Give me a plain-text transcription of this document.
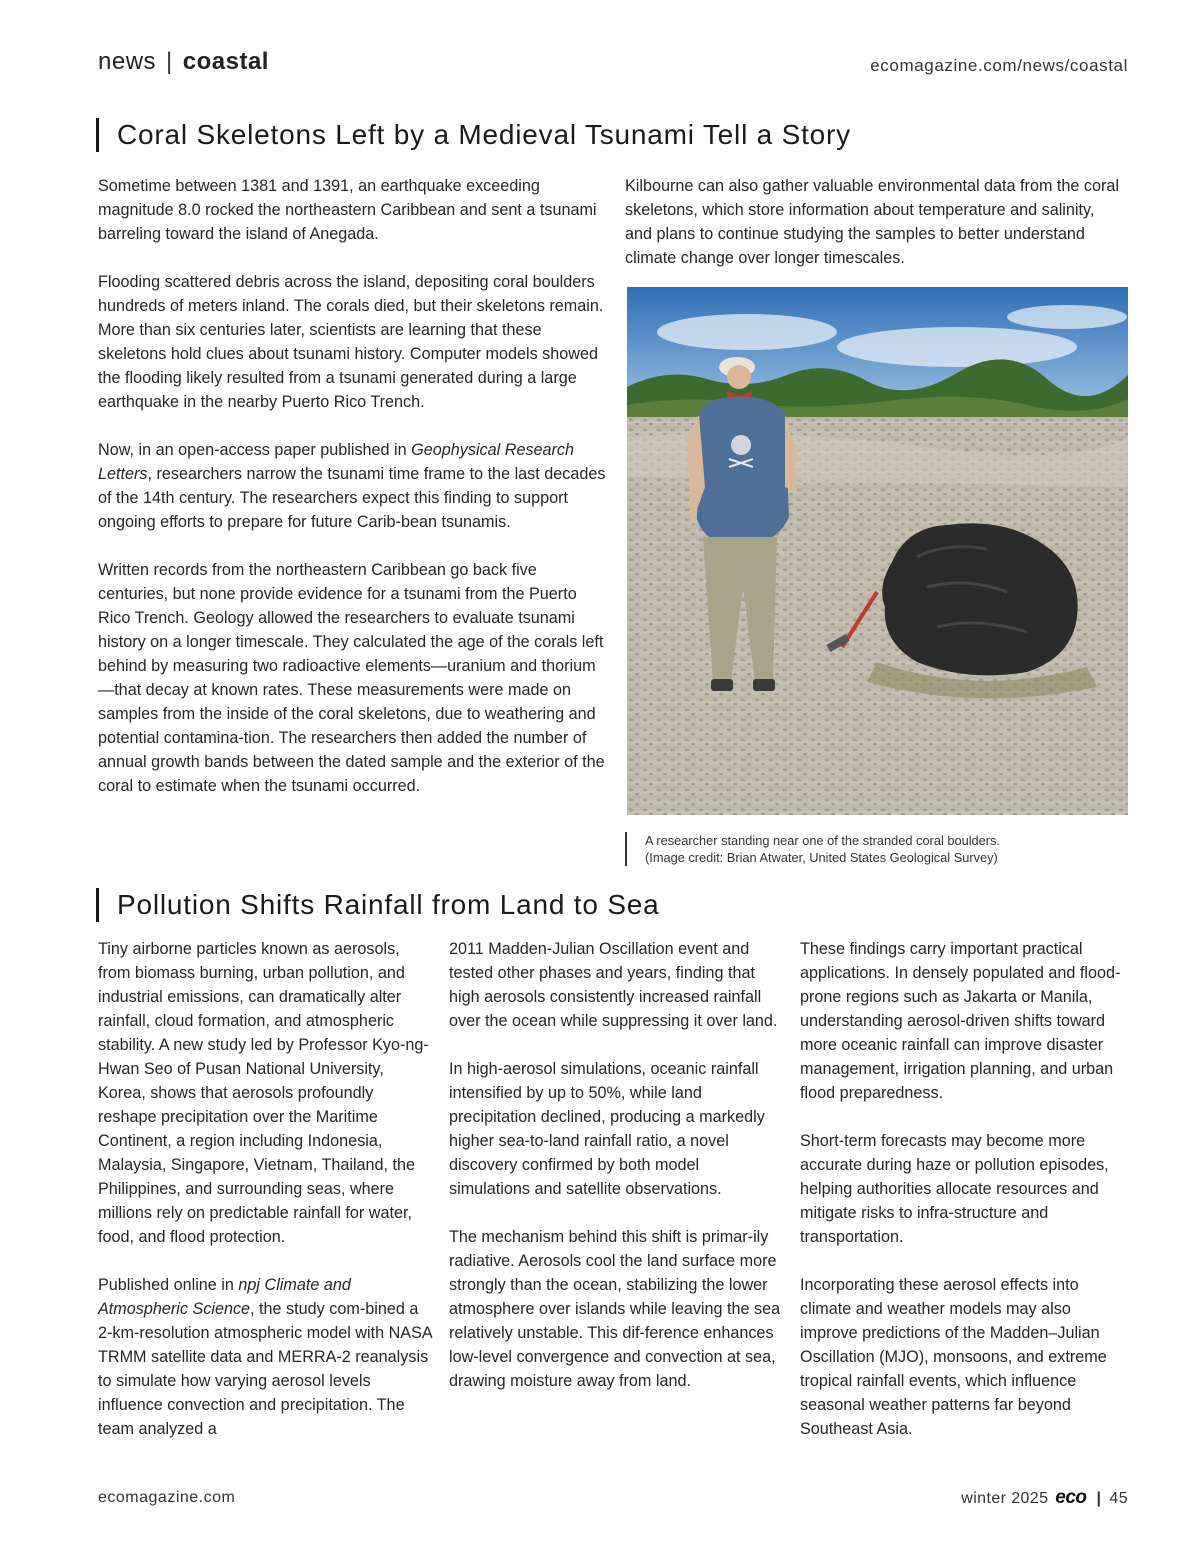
news | coastal	ecomagazine.com/news/coastal
Coral Skeletons Left by a Medieval Tsunami Tell a Story

Sometime between 1381 and 1391, an earthquake exceeding magnitude 8.0 rocked the northeastern Caribbean and sent a tsunami barreling toward the island of Anegada.

Flooding scattered debris across the island, depositing coral boulders hundreds of meters inland. The corals died, but their skeletons remain. More than six centuries later, scientists are learning that these skeletons hold clues about tsunami history. Computer models showed the flooding likely resulted from a tsunami generated during a large earthquake in the nearby Puerto Rico Trench.

Now, in an open-access paper published in Geophysical Research Letters, researchers narrow the tsunami time frame to the last decades of the 14th century. The researchers expect this finding to support ongoing efforts to prepare for future Carib-bean tsunamis.

Written records from the northeastern Caribbean go back five centuries, but none provide evidence for a tsunami from the Puerto Rico Trench. Geology allowed the researchers to evaluate tsunami history on a longer timescale. They calculated the age of the corals left behind by measuring two radioactive elements—uranium and thorium—that decay at known rates. These measurements were made on samples from the inside of the coral skeletons, due to weathering and potential contamina-tion. The researchers then added the number of annual growth bands between the dated sample and the exterior of the coral to estimate when the tsunami occurred.

Kilbourne can also gather valuable environmental data from the coral skeletons, which store information about temperature and salinity, and plans to continue studying the samples to better understand climate change over longer timescales.

A researcher standing near one of the stranded coral boulders.
(Image credit: Brian Atwater, United States Geological Survey)
Pollution Shifts Rainfall from Land to Sea

Tiny airborne particles known as aerosols, from biomass burning, urban pollution, and industrial emissions, can dramatically alter rainfall, cloud formation, and atmospheric stability. A new study led by Professor Kyo-ng-Hwan Seo of Pusan National University, Korea, shows that aerosols profoundly reshape precipitation over the Maritime Continent, a region including Indonesia, Malaysia, Singapore, Vietnam, Thailand, the Philippines, and surrounding seas, where millions rely on predictable rainfall for water, food, and flood protection.

Published online in npj Climate and Atmospheric Science, the study com-bined a 2-km-resolution atmospheric model with NASA TRMM satellite data and MERRA-2 reanalysis to simulate how varying aerosol levels influence convection and precipitation. The team analyzed a

2011 Madden-Julian Oscillation event and tested other phases and years, finding that high aerosols consistently increased rainfall over the ocean while suppressing it over land.

In high-aerosol simulations, oceanic rainfall intensified by up to 50%, while land precipitation declined, producing a markedly higher sea-to-land rainfall ratio, a novel discovery confirmed by both model simulations and satellite observations.

The mechanism behind this shift is primar-ily radiative. Aerosols cool the land surface more strongly than the ocean, stabilizing the lower atmosphere over islands while leaving the sea relatively unstable. This dif-ference enhances low-level convergence and convection at sea, drawing moisture away from land.

These findings carry important practical applications. In densely populated and flood-prone regions such as Jakarta or Manila, understanding aerosol-driven shifts toward more oceanic rainfall can improve disaster management, irrigation planning, and urban flood preparedness.

Short-term forecasts may become more accurate during haze or pollution episodes, helping authorities allocate resources and mitigate risks to infra-structure and transportation.

Incorporating these aerosol effects into climate and weather models may also improve predictions of the Madden–Julian Oscillation (MJO), monsoons, and extreme tropical rainfall events, which influence seasonal weather patterns far beyond Southeast Asia.

ecomagazine.com	winter 2025 eco | 45
